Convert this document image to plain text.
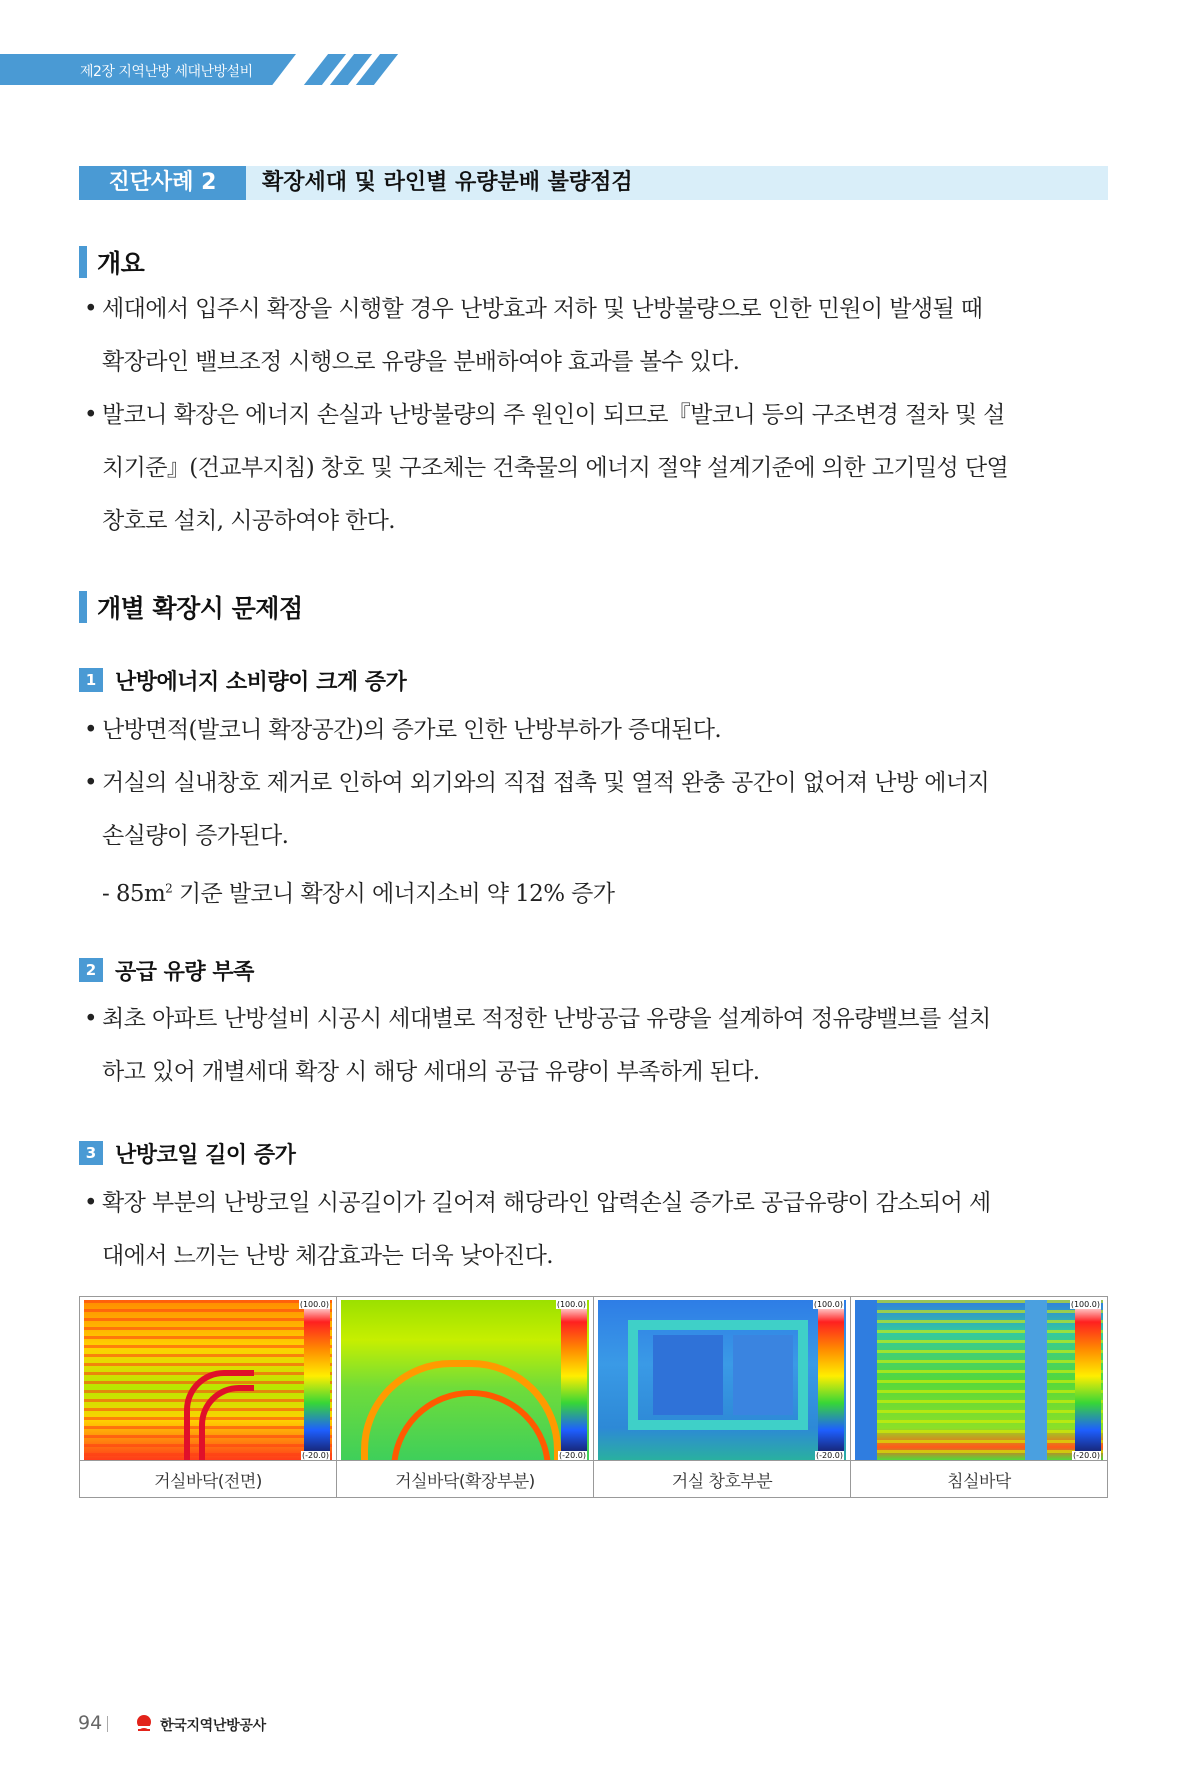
제2장 지역난방 세대난방설비
진단사례 2	확장세대 및 라인별 유량분배 불량점검
개요
• 세대에서 입주시 확장을 시행할 경우 난방효과 저하 및 난방불량으로 인한 민원이 발생될 때
확장라인 밸브조정 시행으로 유량을 분배하여야 효과를 볼수 있다.
• 발코니 확장은 에너지 손실과 난방불량의 주 원인이 되므로『발코니 등의 구조변경 절차 및 설
치기준』(건교부지침) 창호 및 구조체는 건축물의 에너지 절약 설계기준에 의한 고기밀성 단열
창호로 설치, 시공하여야 한다.
개별 확장시 문제점
1 난방에너지 소비량이 크게 증가
• 난방면적(발코니 확장공간)의 증가로 인한 난방부하가 증대된다.
• 거실의 실내창호 제거로 인하여 외기와의 직접 접촉 및 열적 완충 공간이 없어져 난방 에너지
손실량이 증가된다.
- $85m^2$ 기준 발코니 확장시 에너지소비 약 12% 증가
2 공급 유량 부족
• 최초 아파트 난방설비 시공시 세대별로 적정한 난방공급 유량을 설계하여 정유량밸브를 설치
하고 있어 개별세대 확장 시 해당 세대의 공급 유량이 부족하게 된다.
3 난방코일 길이 증가
• 확장 부분의 난방코일 시공길이가 길어져 해당라인 압력손실 증가로 공급유량이 감소되어 세
대에서 느끼는 난방 체감효과는 더욱 낮아진다.
(100.0)
(-20.0)
거실바닥(전면)
(100.0)
(-20.0)
거실바닥(확장부분)
(100.0)
(-20.0)
거실 창호부분
(100.0)
(-20.0)
침실바닥
94	한국지역난방공사
